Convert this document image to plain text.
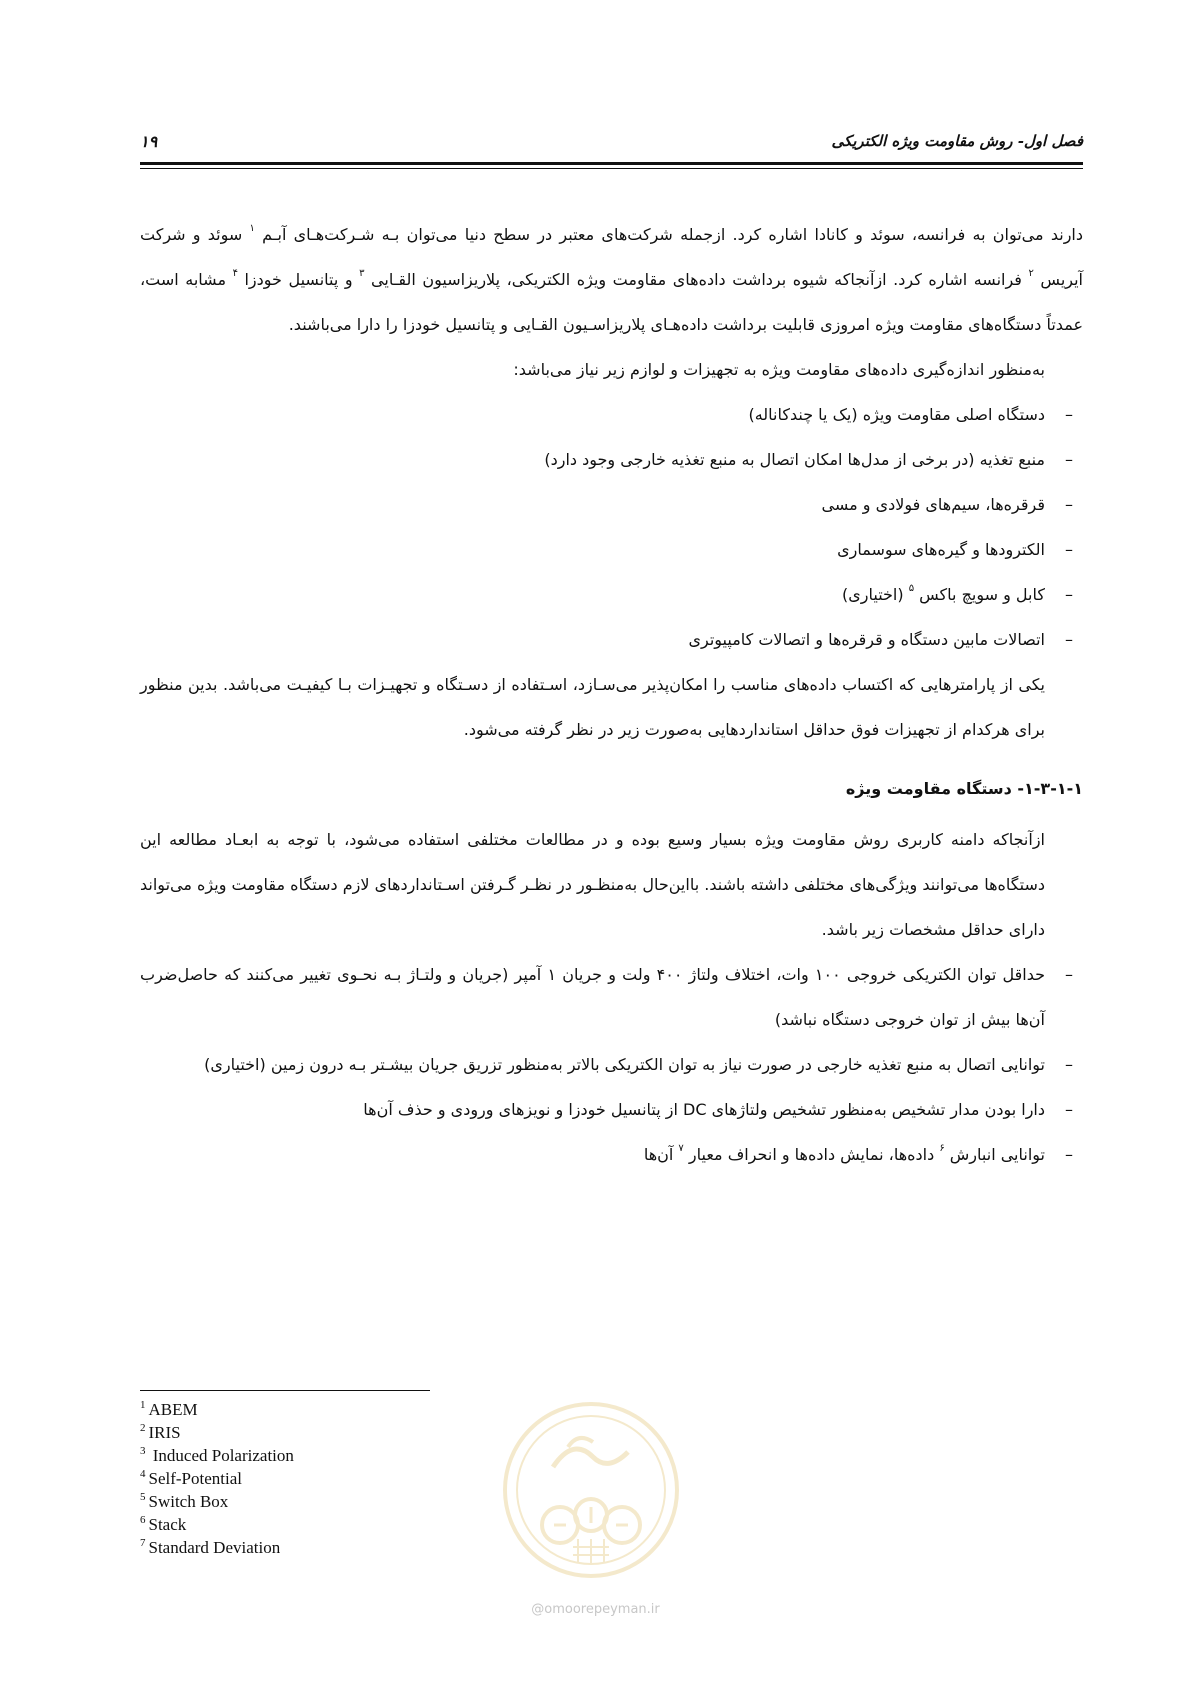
فصل اول- روش مقاومت ویژه الکتریکی
۱۹

دارند می‌توان به فرانسه، سوئد و کانادا اشاره کرد. ازجمله شرکت‌های معتبر در سطح دنیا می‌توان بـه شـرکت‌هـای آبـم $^۱$ سوئد و شرکت آیریس $^۲$ فرانسه اشاره کرد. ازآنجاکه شیوه برداشت داده‌های مقاومت ویژه الکتریکی، پلاریزاسیون القـایی $^۳$ و پتانسیل خودزا $^۴$ مشابه است، عمدتاً دستگاه‌های مقاومت ویژه امروزی قابلیت برداشت داده‌هـای پلاریزاسـیون القـایی و پتانسیل خودزا را دارا می‌باشند.

به‌منظور اندازه‌گیری داده‌های مقاومت ویژه به تجهیزات و لوازم زیر نیاز می‌باشد:

–
دستگاه اصلی مقاومت ویژه (یک یا چندکاناله)
–
منبع تغذیه (در برخی از مدل‌ها امکان اتصال به منبع تغذیه خارجی وجود دارد)
–
قرقره‌ها، سیم‌های فولادی و مسی
–
الکترودها و گیره‌های سوسماری
–
کابل و سویچ باکس $^۵$ (اختیاری)
–
اتصالات مابین دستگاه و قرقره‌ها و اتصالات کامپیوتری

یکی از پارامترهایی که اکتساب داده‌های مناسب را امکان‌پذیر می‌سـازد، اسـتفاده از دسـتگاه و تجهیـزات بـا کیفیـت می‌باشد. بدین منظور برای هرکدام از تجهیزات فوق حداقل استانداردهایی به‌صورت زیر در نظر گرفته می‌شود.

۱-۳-۱-۱- دستگاه مقاومت ویژه

ازآنجاکه دامنه کاربری روش مقاومت ویژه بسیار وسیع بوده و در مطالعات مختلفی استفاده می‌شود، با توجه به ابعـاد مطالعه این دستگاه‌ها می‌توانند ویژگی‌های مختلفی داشته باشند. بااین‌حال به‌منظـور در نظـر گـرفتن اسـتانداردهای لازم دستگاه مقاومت ویژه می‌تواند دارای حداقل مشخصات زیر باشد.

–
حداقل توان الکتریکی خروجی ۱۰۰ وات، اختلاف ولتاژ ۴۰۰ ولت و جریان ۱ آمپر (جریان و ولتـاژ بـه نحـوی تغییر می‌کنند که حاصل‌ضرب آن‌ها بیش از توان خروجی دستگاه نباشد)
–
توانایی اتصال به منبع تغذیه خارجی در صورت نیاز به توان الکتریکی بالاتر به‌منظور تزریق جریان بیشـتر بـه درون زمین (اختیاری)
–
دارا بودن مدار تشخیص به‌منظور تشخیص ولتاژهای DC از پتانسیل خودزا و نویزهای ورودی و حذف آن‌ها
–
توانایی انبارش $^۶$ داده‌ها، نمایش داده‌ها و انحراف معیار $^۷$ آن‌ها
$^1$ ABEM
$^2$ IRIS
$^3$ Induced Polarization
$^4$ Self-Potential
$^5$ Switch Box
$^6$ Stack
$^7$ Standard Deviation
@omoorepeyman.ir
